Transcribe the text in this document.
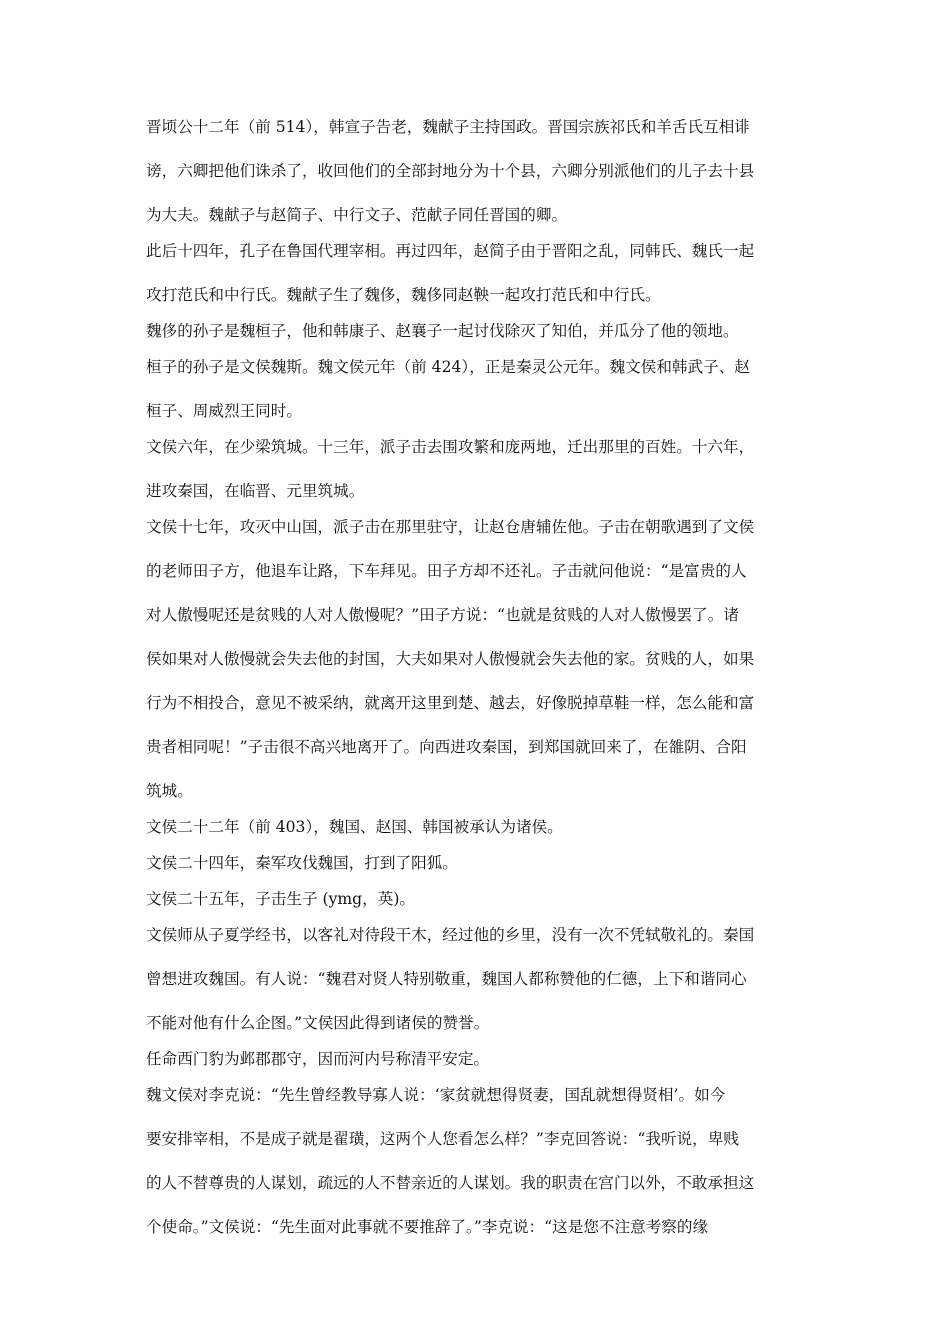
晋顷公十二年（前 514），韩宣子告老，魏献子主持国政。晋国宗族祁氏和羊舌氏互相诽
谤，六卿把他们诛杀了，收回他们的全部封地分为十个县，六卿分别派他们的儿子去十县
为大夫。魏献子与赵简子、中行文子、范献子同任晋国的卿。
此后十四年，孔子在鲁国代理宰相。再过四年，赵简子由于晋阳之乱，同韩氏、魏氏一起
攻打范氏和中行氏。魏献子生了魏侈，魏侈同赵鞅一起攻打范氏和中行氏。
魏侈的孙子是魏桓子，他和韩康子、赵襄子一起讨伐除灭了知伯，并瓜分了他的领地。
桓子的孙子是文侯魏斯。魏文侯元年（前 424），正是秦灵公元年。魏文侯和韩武子、赵
桓子、周威烈王同时。
文侯六年，在少梁筑城。十三年，派子击去围攻繁和庞两地，迁出那里的百姓。十六年，
进攻秦国，在临晋、元里筑城。
文侯十七年，攻灭中山国，派子击在那里驻守，让赵仓唐辅佐他。子击在朝歌遇到了文侯
的老师田子方，他退车让路，下车拜见。田子方却不还礼。子击就问他说：“是富贵的人
对人傲慢呢还是贫贱的人对人傲慢呢？”田子方说：“也就是贫贱的人对人傲慢罢了。诸
侯如果对人傲慢就会失去他的封国，大夫如果对人傲慢就会失去他的家。贫贱的人，如果
行为不相投合，意见不被采纳，就离开这里到楚、越去，好像脱掉草鞋一样，怎么能和富
贵者相同呢！”子击很不高兴地离开了。向西进攻秦国，到郑国就回来了，在雒阴、合阳
筑城。
文侯二十二年（前 403），魏国、赵国、韩国被承认为诸侯。
文侯二十四年，秦军攻伐魏国，打到了阳狐。
文侯二十五年，子击生子 (ymg，英)。
文侯师从子夏学经书，以客礼对待段干木，经过他的乡里，没有一次不凭轼敬礼的。秦国
曾想进攻魏国。有人说：“魏君对贤人特别敬重，魏国人都称赞他的仁德，上下和谐同心
不能对他有什么企图。”文侯因此得到诸侯的赞誉。
任命西门豹为邺郡郡守，因而河内号称清平安定。
魏文侯对李克说：“先生曾经教导寡人说：‘家贫就想得贤妻，国乱就想得贤相’。如今
要安排宰相，不是成子就是翟璜，这两个人您看怎么样？”李克回答说：“我听说，卑贱
的人不替尊贵的人谋划，疏远的人不替亲近的人谋划。我的职责在宫门以外，不敢承担这
个使命。”文侯说：“先生面对此事就不要推辞了。”李克说：“这是您不注意考察的缘
